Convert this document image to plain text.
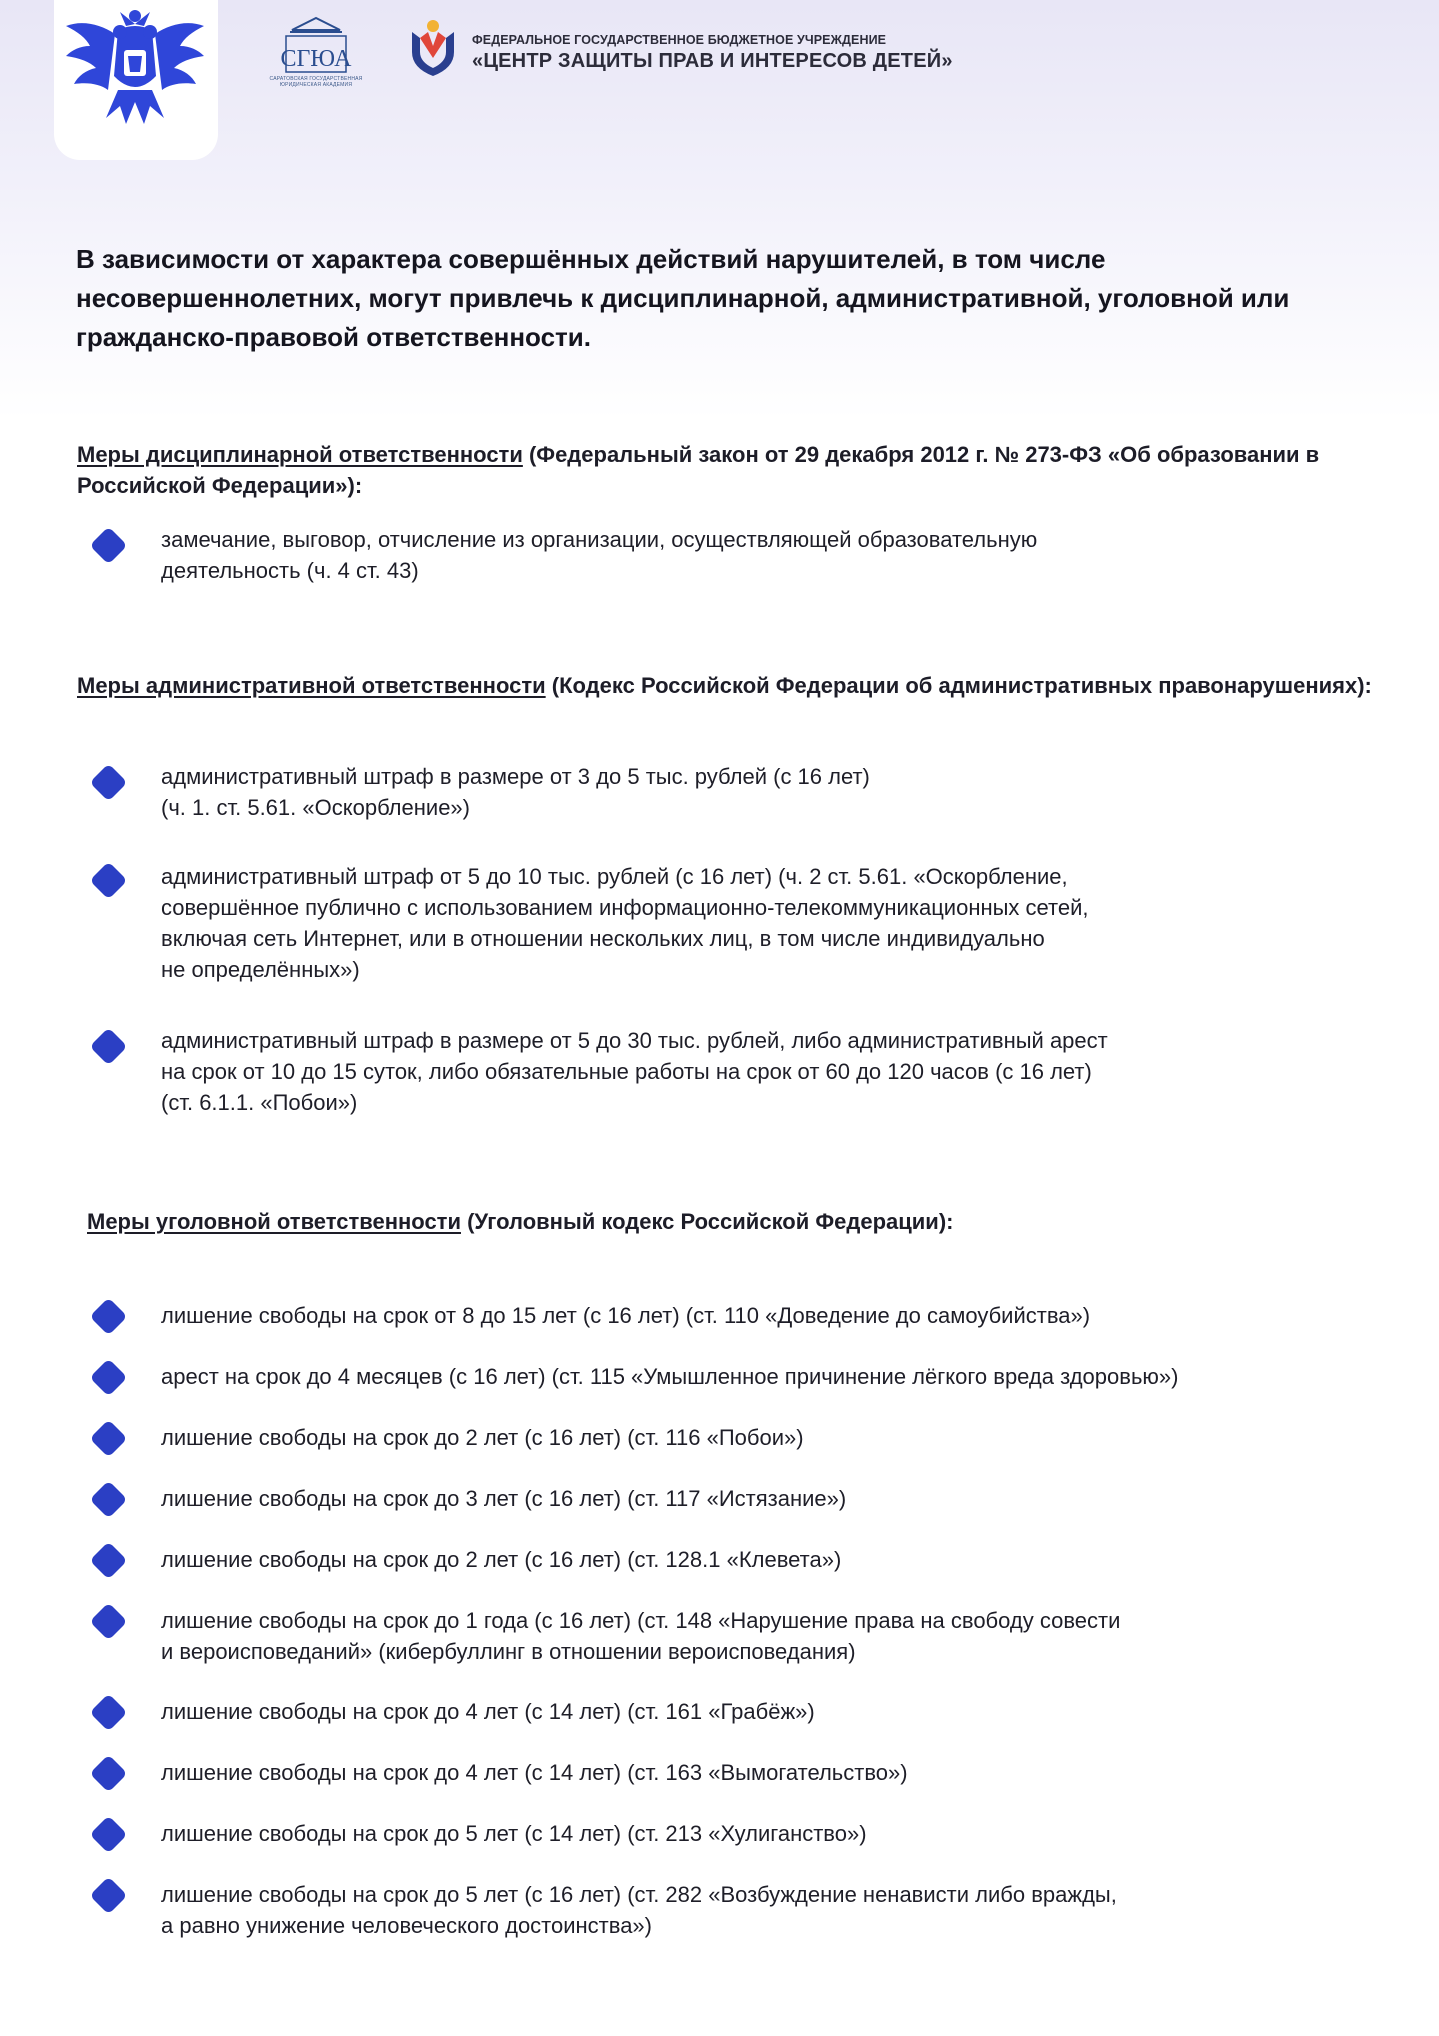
СГЮА
САРАТОВСКАЯ ГОСУДАРСТВЕННАЯ ЮРИДИЧЕСКАЯ АКАДЕМИЯ
ФЕДЕРАЛЬНОЕ ГОСУДАРСТВЕННОЕ БЮДЖЕТНОЕ УЧРЕЖДЕНИЕ
«ЦЕНТР ЗАЩИТЫ ПРАВ И ИНТЕРЕСОВ ДЕТЕЙ»
В зависимости от характера совершённых действий нарушителей, в том числе несовершеннолетних, могут привлечь к дисциплинарной, административной, уголовной или гражданско-правовой ответственности.
Меры дисциплинарной ответственности (Федеральный закон от 29 декабря 2012 г. № 273-ФЗ «Об образовании в Российской Федерации»):
замечание, выговор, отчисление из организации, осуществляющей образовательную
деятельность (ч. 4 ст. 43)
Меры административной ответственности (Кодекс Российской Федерации об административных правонарушениях):
административный штраф в размере от 3 до 5 тыс. рублей (с 16 лет)
(ч. 1. ст. 5.61. «Оскорбление»)
административный штраф от 5 до 10 тыс. рублей (с 16 лет) (ч. 2 ст. 5.61. «Оскорбление,
совершённое публично с использованием информационно-телекоммуникационных сетей,
включая сеть Интернет, или в отношении нескольких лиц, в том числе индивидуально
не определённых»)
административный штраф в размере от 5 до 30 тыс. рублей, либо административный арест
на срок от 10 до 15 суток, либо обязательные работы на срок от 60 до 120 часов (с 16 лет)
(ст. 6.1.1. «Побои»)
Меры уголовной ответственности (Уголовный кодекс Российской Федерации):
лишение свободы на срок от 8 до 15 лет (с 16 лет) (ст. 110 «Доведение до самоубийства»)
арест на срок до 4 месяцев (с 16 лет) (ст. 115 «Умышленное причинение лёгкого вреда здоровью»)
лишение свободы на срок до 2 лет (с 16 лет) (ст. 116 «Побои»)
лишение свободы на срок до 3 лет (с 16 лет) (ст. 117 «Истязание»)
лишение свободы на срок до 2 лет (с 16 лет) (ст. 128.1 «Клевета»)
лишение свободы на срок до 1 года (с 16 лет) (ст. 148 «Нарушение права на свободу совести
и вероисповеданий» (кибербуллинг в отношении вероисповедания)
лишение свободы на срок до 4 лет (с 14 лет) (ст. 161 «Грабёж»)
лишение свободы на срок до 4 лет (с 14 лет) (ст. 163 «Вымогательство»)
лишение свободы на срок до 5 лет (с 14 лет) (ст. 213 «Хулиганство»)
лишение свободы на срок до 5 лет (с 16 лет) (ст. 282 «Возбуждение ненависти либо вражды,
а равно унижение человеческого достоинства»)
